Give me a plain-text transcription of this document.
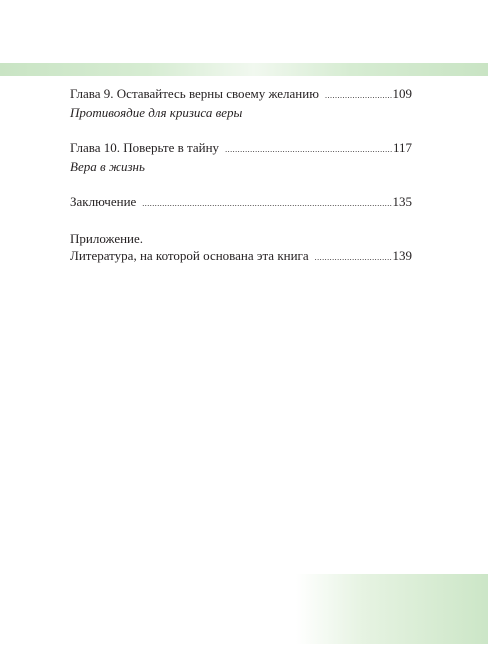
Глава 9. Оставайтесь верны своему желанию .....	109
Противоядие для кризиса веры
Глава 10. Поверьте в тайну .....	117
Вера в жизнь
Заключение .....	135
Приложение.
Литература, на которой основана эта книга .....	139
